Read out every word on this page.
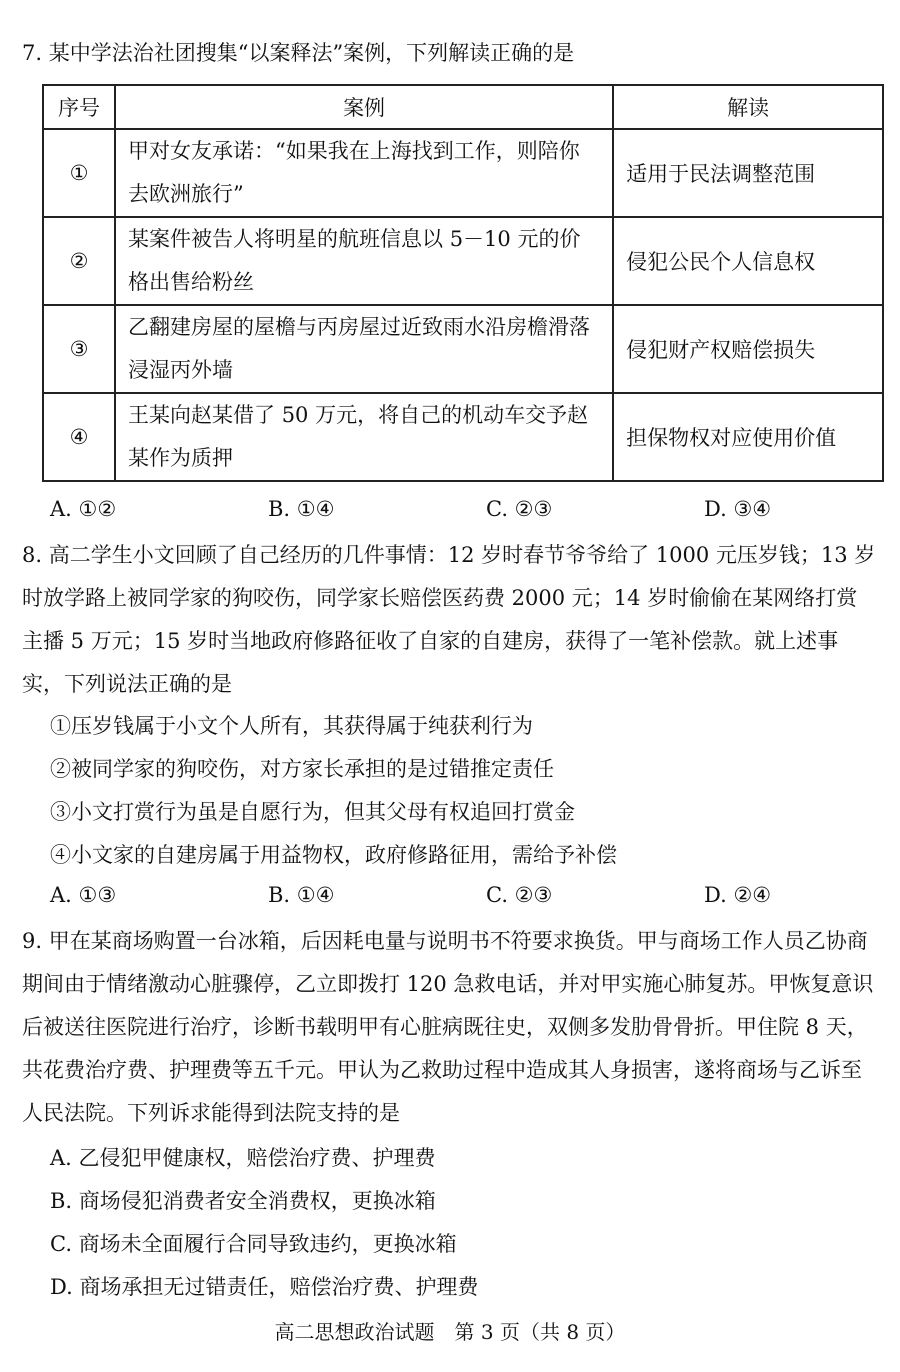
7. 某中学法治社团搜集“以案释法”案例，下列解读正确的是
序号	案例	解读
①	甲对女友承诺：“如果我在上海找到工作，则陪你去欧洲旅行”	适用于民法调整范围
②	某案件被告人将明星的航班信息以 5－10 元的价格出售给粉丝	侵犯公民个人信息权
③	乙翻建房屋的屋檐与丙房屋过近致雨水沿房檐滑落浸湿丙外墙	侵犯财产权赔偿损失
④	王某向赵某借了 50 万元，将自己的机动车交予赵某作为质押	担保物权对应使用价值
A. ①②	B. ①④	C. ②③	D. ③④
8. 高二学生小文回顾了自己经历的几件事情：12 岁时春节爷爷给了 1000 元压岁钱；13 岁时放学路上被同学家的狗咬伤，同学家长赔偿医药费 2000 元；14 岁时偷偷在某网络打赏主播 5 万元；15 岁时当地政府修路征收了自家的自建房，获得了一笔补偿款。就上述事实，下列说法正确的是
①压岁钱属于小文个人所有，其获得属于纯获利行为
②被同学家的狗咬伤，对方家长承担的是过错推定责任
③小文打赏行为虽是自愿行为，但其父母有权追回打赏金
④小文家的自建房属于用益物权，政府修路征用，需给予补偿
A. ①③	B. ①④	C. ②③	D. ②④
9. 甲在某商场购置一台冰箱，后因耗电量与说明书不符要求换货。甲与商场工作人员乙协商期间由于情绪激动心脏骤停，乙立即拨打 120 急救电话，并对甲实施心肺复苏。甲恢复意识后被送往医院进行治疗，诊断书载明甲有心脏病既往史，双侧多发肋骨骨折。甲住院 8 天，共花费治疗费、护理费等五千元。甲认为乙救助过程中造成其人身损害，遂将商场与乙诉至人民法院。下列诉求能得到法院支持的是
A. 乙侵犯甲健康权，赔偿治疗费、护理费
B. 商场侵犯消费者安全消费权，更换冰箱
C. 商场未全面履行合同导致违约，更换冰箱
D. 商场承担无过错责任，赔偿治疗费、护理费
高二思想政治试题　第 3 页（共 8 页）
